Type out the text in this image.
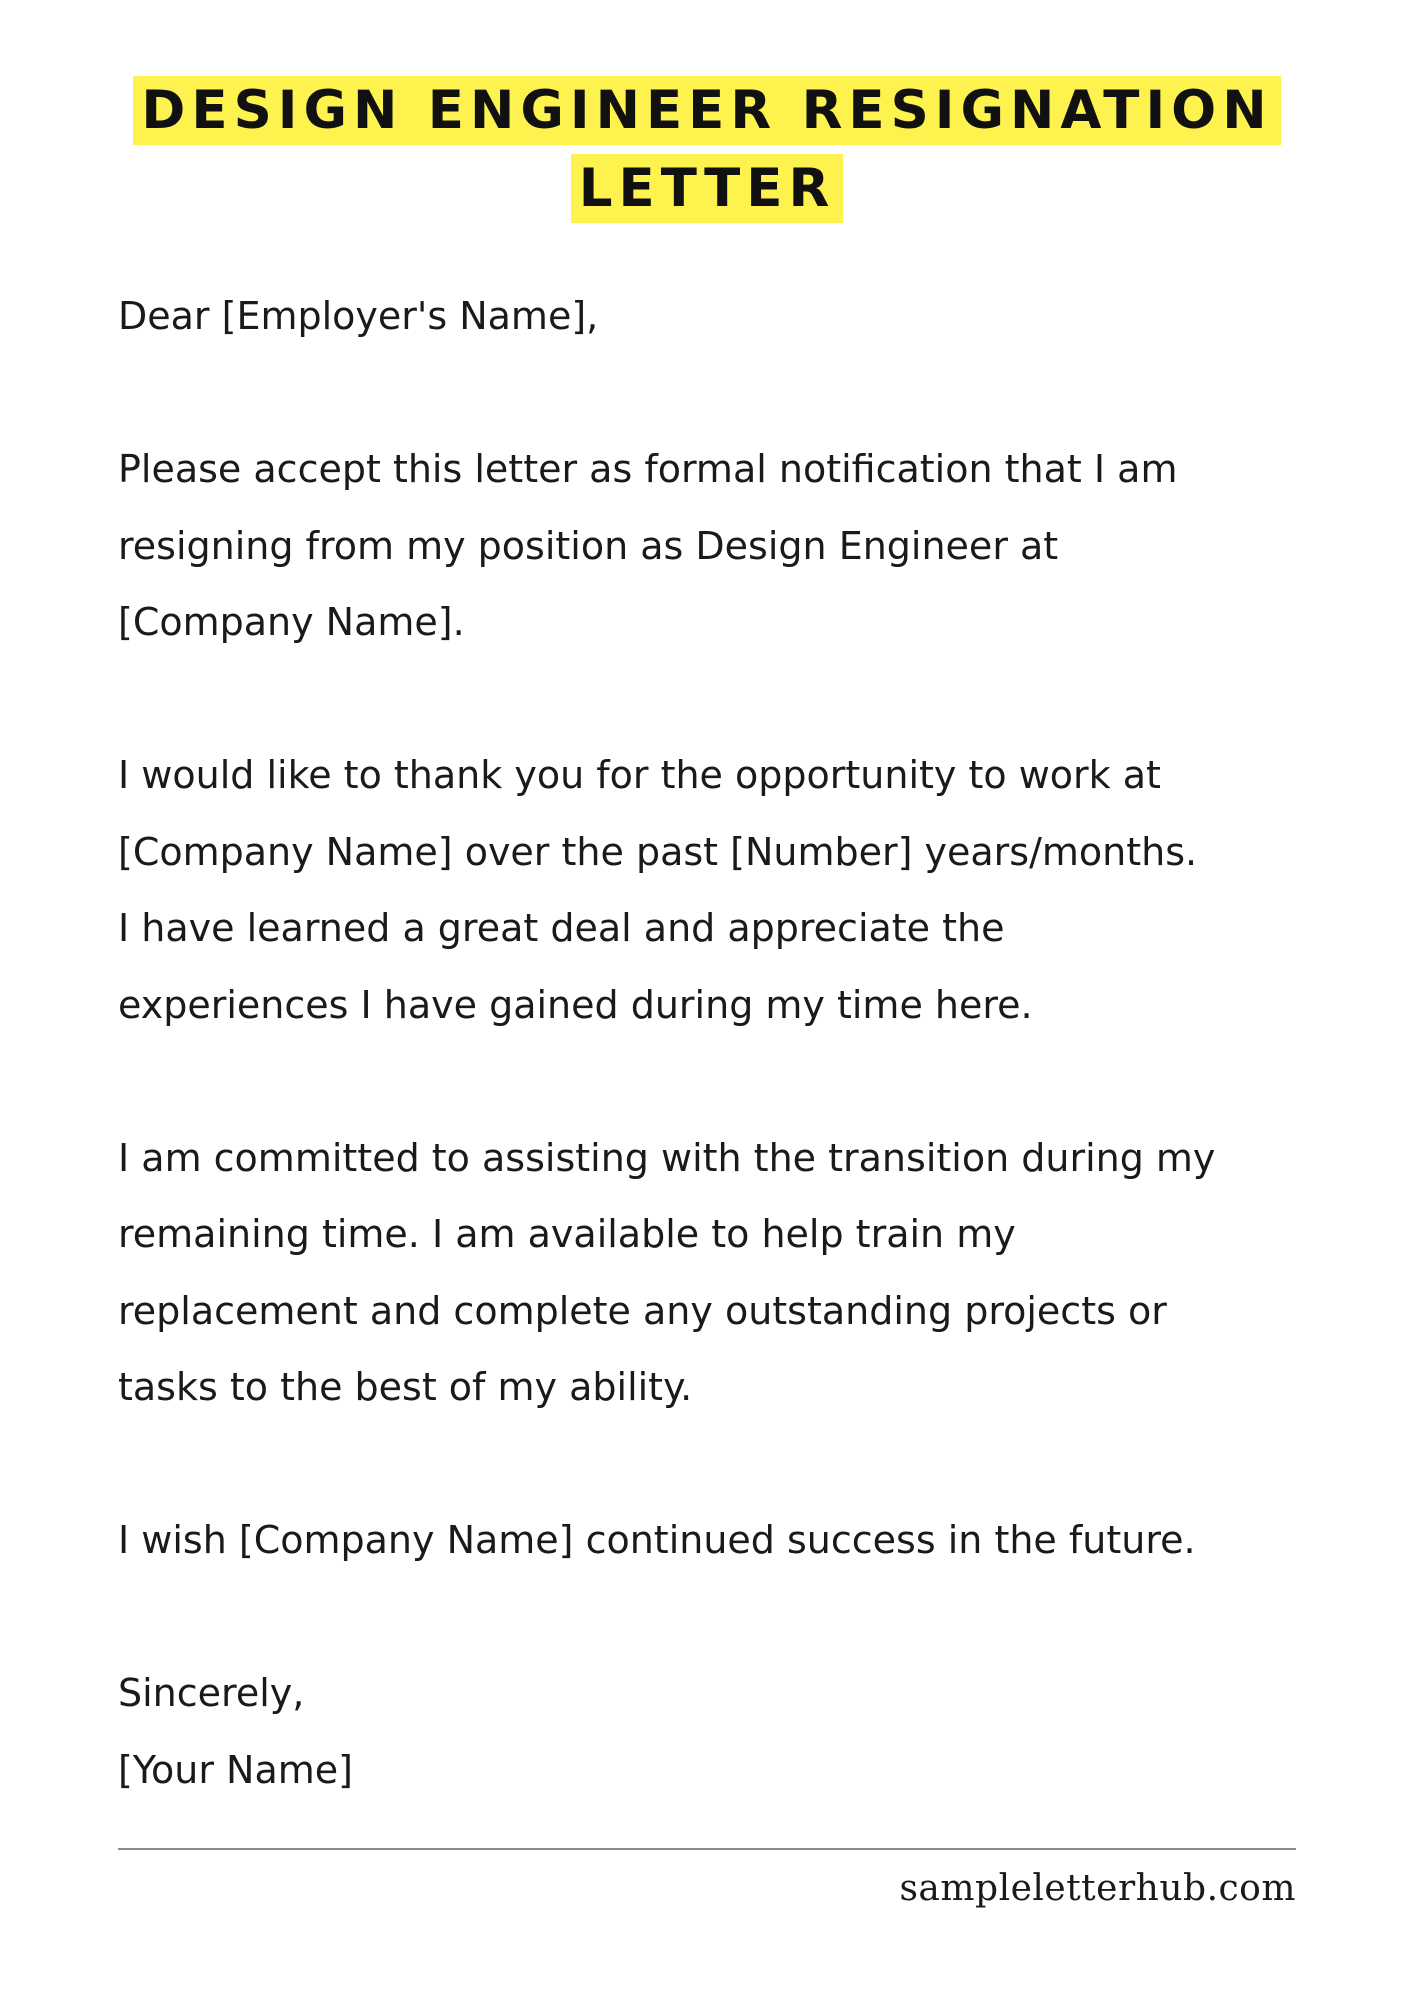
DESIGN ENGINEER RESIGNATION
LETTER

Dear [Employer's Name],

Please accept this letter as formal notification that I am
resigning from my position as Design Engineer at
[Company Name].

I would like to thank you for the opportunity to work at
[Company Name] over the past [Number] years/months.
I have learned a great deal and appreciate the
experiences I have gained during my time here.

I am committed to assisting with the transition during my
remaining time. I am available to help train my
replacement and complete any outstanding projects or
tasks to the best of my ability.

I wish [Company Name] continued success in the future.

Sincerely,
[Your Name]

sampleletterhub.com
